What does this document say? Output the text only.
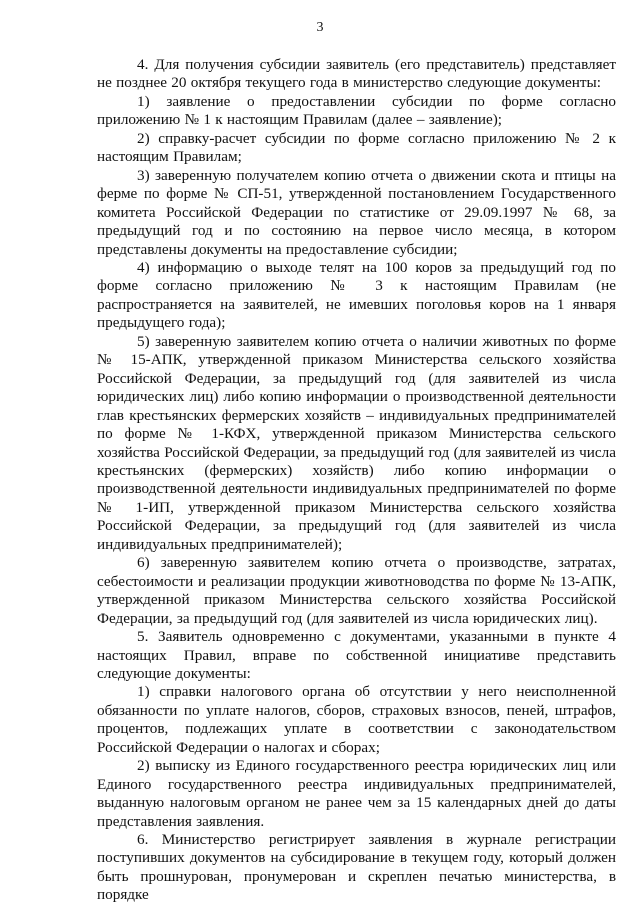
3

4. Для получения субсидии заявитель (его представитель) представляет не позднее 20 октября текущего года в министерство следующие документы:

1) заявление о предоставлении субсидии по форме согласно приложению № 1 к настоящим Правилам (далее – заявление);

2) справку-расчет субсидии по форме согласно приложению № 2 к настоящим Правилам;

3) заверенную получателем копию отчета о движении скота и птицы на ферме по форме № СП-51, утвержденной постановлением Государственного комитета Российской Федерации по статистике от 29.09.1997 № 68, за предыдущий год и по состоянию на первое число месяца, в котором представлены документы на предоставление субсидии;

4) информацию о выходе телят на 100 коров за предыдущий год по форме согласно приложению № 3 к настоящим Правилам (не распространяется на заявителей, не имевших поголовья коров на 1 января предыдущего года);

5) заверенную заявителем копию отчета о наличии животных по форме № 15-АПК, утвержденной приказом Министерства сельского хозяйства Российской Федерации, за предыдущий год (для заявителей из числа юридических лиц) либо копию информации о производственной деятельности глав крестьянских фермерских хозяйств – индивидуальных предпринимателей по форме № 1-КФХ, утвержденной приказом Министерства сельского хозяйства Российской Федерации, за предыдущий год (для заявителей из числа крестьянских (фермерских) хозяйств) либо копию информации о производственной деятельности индивидуальных предпринимателей по форме № 1-ИП, утвержденной приказом Министерства сельского хозяйства Российской Федерации, за предыдущий год (для заявителей из числа индивидуальных предпринимателей);

6) заверенную заявителем копию отчета о производстве, затратах, себестоимости и реализации продукции животноводства по форме № 13-АПК, утвержденной приказом Министерства сельского хозяйства Российской Федерации, за предыдущий год (для заявителей из числа юридических лиц).

5. Заявитель одновременно с документами, указанными в пункте 4 настоящих Правил, вправе по собственной инициативе представить следующие документы:

1) справки налогового органа об отсутствии у него неисполненной обязанности по уплате налогов, сборов, страховых взносов, пеней, штрафов, процентов, подлежащих уплате в соответствии с законодательством Российской Федерации о налогах и сборах;

2) выписку из Единого государственного реестра юридических лиц или Единого государственного реестра индивидуальных предпринимателей, выданную налоговым органом не ранее чем за 15 календарных дней до даты представления заявления.

6. Министерство регистрирует заявления в журнале регистрации поступивших документов на субсидирование в текущем году, который должен быть прошнурован, пронумерован и скреплен печатью министерства, в порядке
